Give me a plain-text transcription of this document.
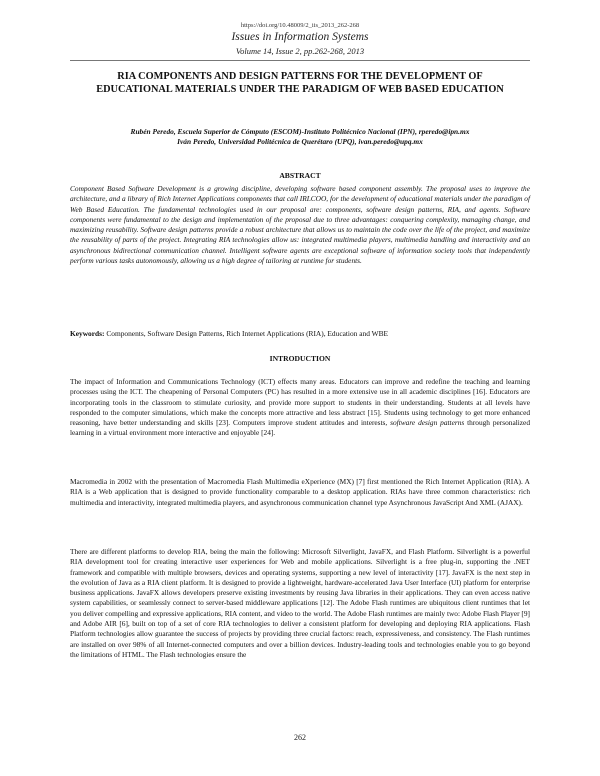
https://doi.org/10.48009/2_iis_2013_262-268
Issues in Information Systems
Volume 14, Issue 2, pp.262-268, 2013
RIA COMPONENTS AND DESIGN PATTERNS FOR THE DEVELOPMENT OF EDUCATIONAL MATERIALS UNDER THE PARADIGM OF WEB BASED EDUCATION
Rubén Peredo, Escuela Superior de Cómputo (ESCOM)-Instituto Politécnico Nacional (IPN), rperedo@ipn.mx
Iván Peredo, Universidad Politécnica de Querétaro (UPQ), ivan.peredo@upq.mx
ABSTRACT
Component Based Software Development is a growing discipline, developing software based component assembly. The proposal uses to improve the architecture, and a library of Rich Internet Applications components that call IRLCOO, for the development of educational materials under the paradigm of Web Based Education. The fundamental technologies used in our proposal are: components, software design patterns, RIA, and agents. Software components were fundamental to the design and implementation of the proposal due to three advantages: conquering complexity, managing change, and maximizing reusability. Software design patterns provide a robust architecture that allows us to maintain the code over the life of the project, and maximize the reusability of parts of the project. Integrating RIA technologies allow us: integrated multimedia players, multimedia handling and interactivity and an asynchronous bidirectional communication channel. Intelligent software agents are exceptional software of information society tools that independently perform various tasks autonomously, allowing us a high degree of tailoring at runtime for students.
Keywords: Components, Software Design Patterns, Rich Internet Applications (RIA), Education and WBE
INTRODUCTION
The impact of Information and Communications Technology (ICT) effects many areas. Educators can improve and redefine the teaching and learning processes using the ICT. The cheapening of Personal Computers (PC) has resulted in a more extensive use in all academic disciplines [16]. Educators are incorporating tools in the classroom to stimulate curiosity, and provide more support to students in their understanding. Students at all levels have responded to the computer simulations, which make the concepts more attractive and less abstract [15]. Students using technology to get more enhanced reasoning, have better understanding and skills [23]. Computers improve student attitudes and interests, software design patterns through personalized learning in a virtual environment more interactive and enjoyable [24].
Macromedia in 2002 with the presentation of Macromedia Flash Multimedia eXperience (MX) [7] first mentioned the Rich Internet Application (RIA). A RIA is a Web application that is designed to provide functionality comparable to a desktop application. RIAs have three common characteristics: rich multimedia and interactivity, integrated multimedia players, and asynchronous communication channel type Asynchronous JavaScript And XML (AJAX).
There are different platforms to develop RIA, being the main the following: Microsoft Silverlight, JavaFX, and Flash Platform. Silverlight is a powerful RIA development tool for creating interactive user experiences for Web and mobile applications. Silverlight is a free plug-in, supporting the .NET framework and compatible with multiple browsers, devices and operating systems, supporting a new level of interactivity [17]. JavaFX is the next step in the evolution of Java as a RIA client platform. It is designed to provide a lightweight, hardware-accelerated Java User Interface (UI) platform for enterprise business applications. JavaFX allows developers preserve existing investments by reusing Java libraries in their applications. They can even access native system capabilities, or seamlessly connect to server-based middleware applications [12]. The Adobe Flash runtimes are ubiquitous client runtimes that let you deliver compelling and expressive applications, RIA content, and video to the world. The Adobe Flash runtimes are mainly two: Adobe Flash Player [9] and Adobe AIR [6], built on top of a set of core RIA technologies to deliver a consistent platform for developing and deploying RIA applications. Flash Platform technologies allow guarantee the success of projects by providing three crucial factors: reach, expressiveness, and consistency. The Flash runtimes are installed on over 98% of all Internet-connected computers and over a billion devices. Industry-leading tools and technologies enable you to go beyond the limitations of HTML. The Flash technologies ensure the
262
